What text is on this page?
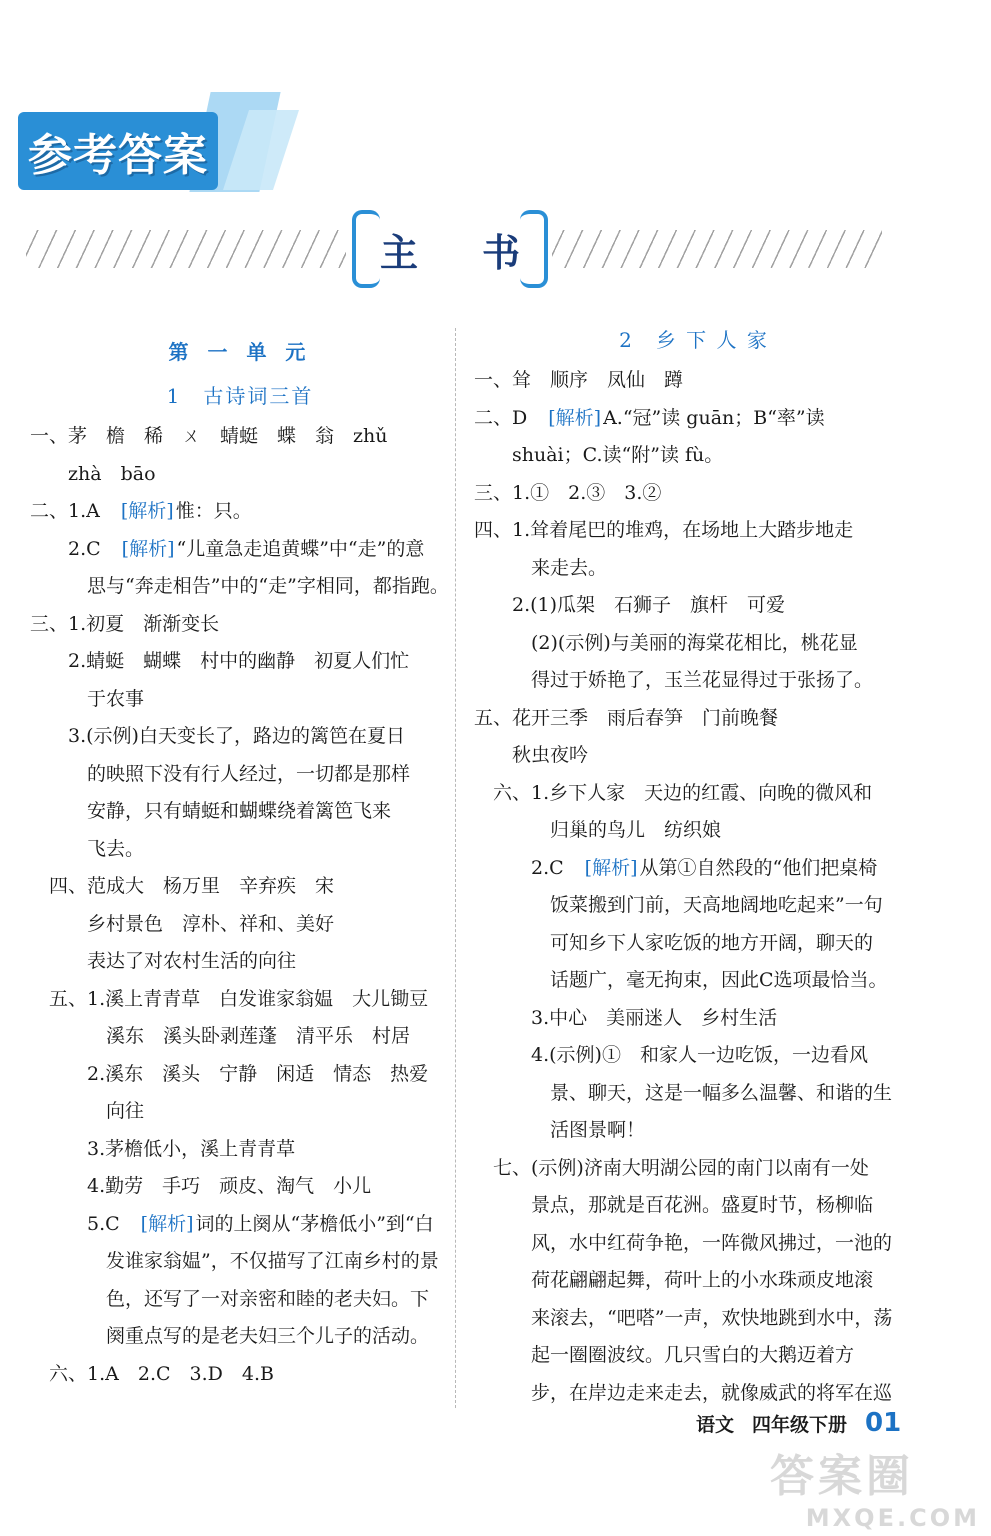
参考答案
主 书
第 一 单 元
1　古诗词三首
一、茅　檐　稀　ㄨ　蜻蜓　蝶　翁　zhǔ
　　zhà　bāo
二、1.A　[解析] 惟：只。
　　2.C　[解析] “儿童急走追黄蝶”中“走”的意
　　　思与“奔走相告”中的“走”字相同，都指跑。
三、1.初夏　渐渐变长
　　2.蜻蜓　蝴蝶　村中的幽静　初夏人们忙
　　　于农事
　　3.(示例)白天变长了，路边的篱笆在夏日
　　　的映照下没有行人经过，一切都是那样
　　　安静，只有蜻蜓和蝴蝶绕着篱笆飞来
　　　飞去。
　四、范成大　杨万里　辛弃疾　宋
　　　乡村景色　淳朴、祥和、美好
　　　表达了对农村生活的向往
　五、1.溪上青青草　白发谁家翁媪　大儿锄豆
　　　　溪东　溪头卧剥莲蓬　清平乐　村居
　　　2.溪东　溪头　宁静　闲适　情态　热爱
　　　　向往
　　　3.茅檐低小，溪上青青草
　　　4.勤劳　手巧　顽皮、淘气　小儿
　　　5.C　[解析] 词的上阕从“茅檐低小”到“白
　　　　发谁家翁媪”，不仅描写了江南乡村的景
　　　　色，还写了一对亲密和睦的老夫妇。下
　　　　阕重点写的是老夫妇三个儿子的活动。
　六、1.A　2.C　3.D　4.B
2　乡 下 人 家
一、耸　顺序　凤仙　蹲
二、D　[解析] A.“冠”读 guān；B“率”读
　　shuài；C.读“附”读 fù。
三、1.①　2.③　3.②
四、1.耸着尾巴的堆鸡，在场地上大踏步地走
　　　来走去。
　　2.(1)瓜架　石狮子　旗杆　可爱
　　　(2)(示例)与美丽的海棠花相比，桃花显
　　　得过于娇艳了，玉兰花显得过于张扬了。
五、花开三季　雨后春笋　门前晚餐
　　秋虫夜吟
　六、1.乡下人家　天边的红霞、向晚的微风和
　　　　归巢的鸟儿　纺织娘
　　　2.C　[解析] 从第①自然段的“他们把桌椅
　　　　饭菜搬到门前，天高地阔地吃起来”一句
　　　　可知乡下人家吃饭的地方开阔，聊天的
　　　　话题广，毫无拘束，因此C选项最恰当。
　　　3.中心　美丽迷人　乡村生活
　　　4.(示例)①　和家人一边吃饭，一边看风
　　　　景、聊天，这是一幅多么温馨、和谐的生
　　　　活图景啊！
　七、(示例)济南大明湖公园的南门以南有一处
　　　景点，那就是百花洲。盛夏时节，杨柳临
　　　风，水中红荷争艳，一阵微风拂过，一池的
　　　荷花翩翩起舞，荷叶上的小水珠顽皮地滚
　　　来滚去，“吧嗒”一声，欢快地跳到水中，荡
　　　起一圈圈波纹。几只雪白的大鹅迈着方
　　　步，在岸边走来走去，就像威武的将军在巡
语文 四年级下册 01
答案圈
MXQE.COM
